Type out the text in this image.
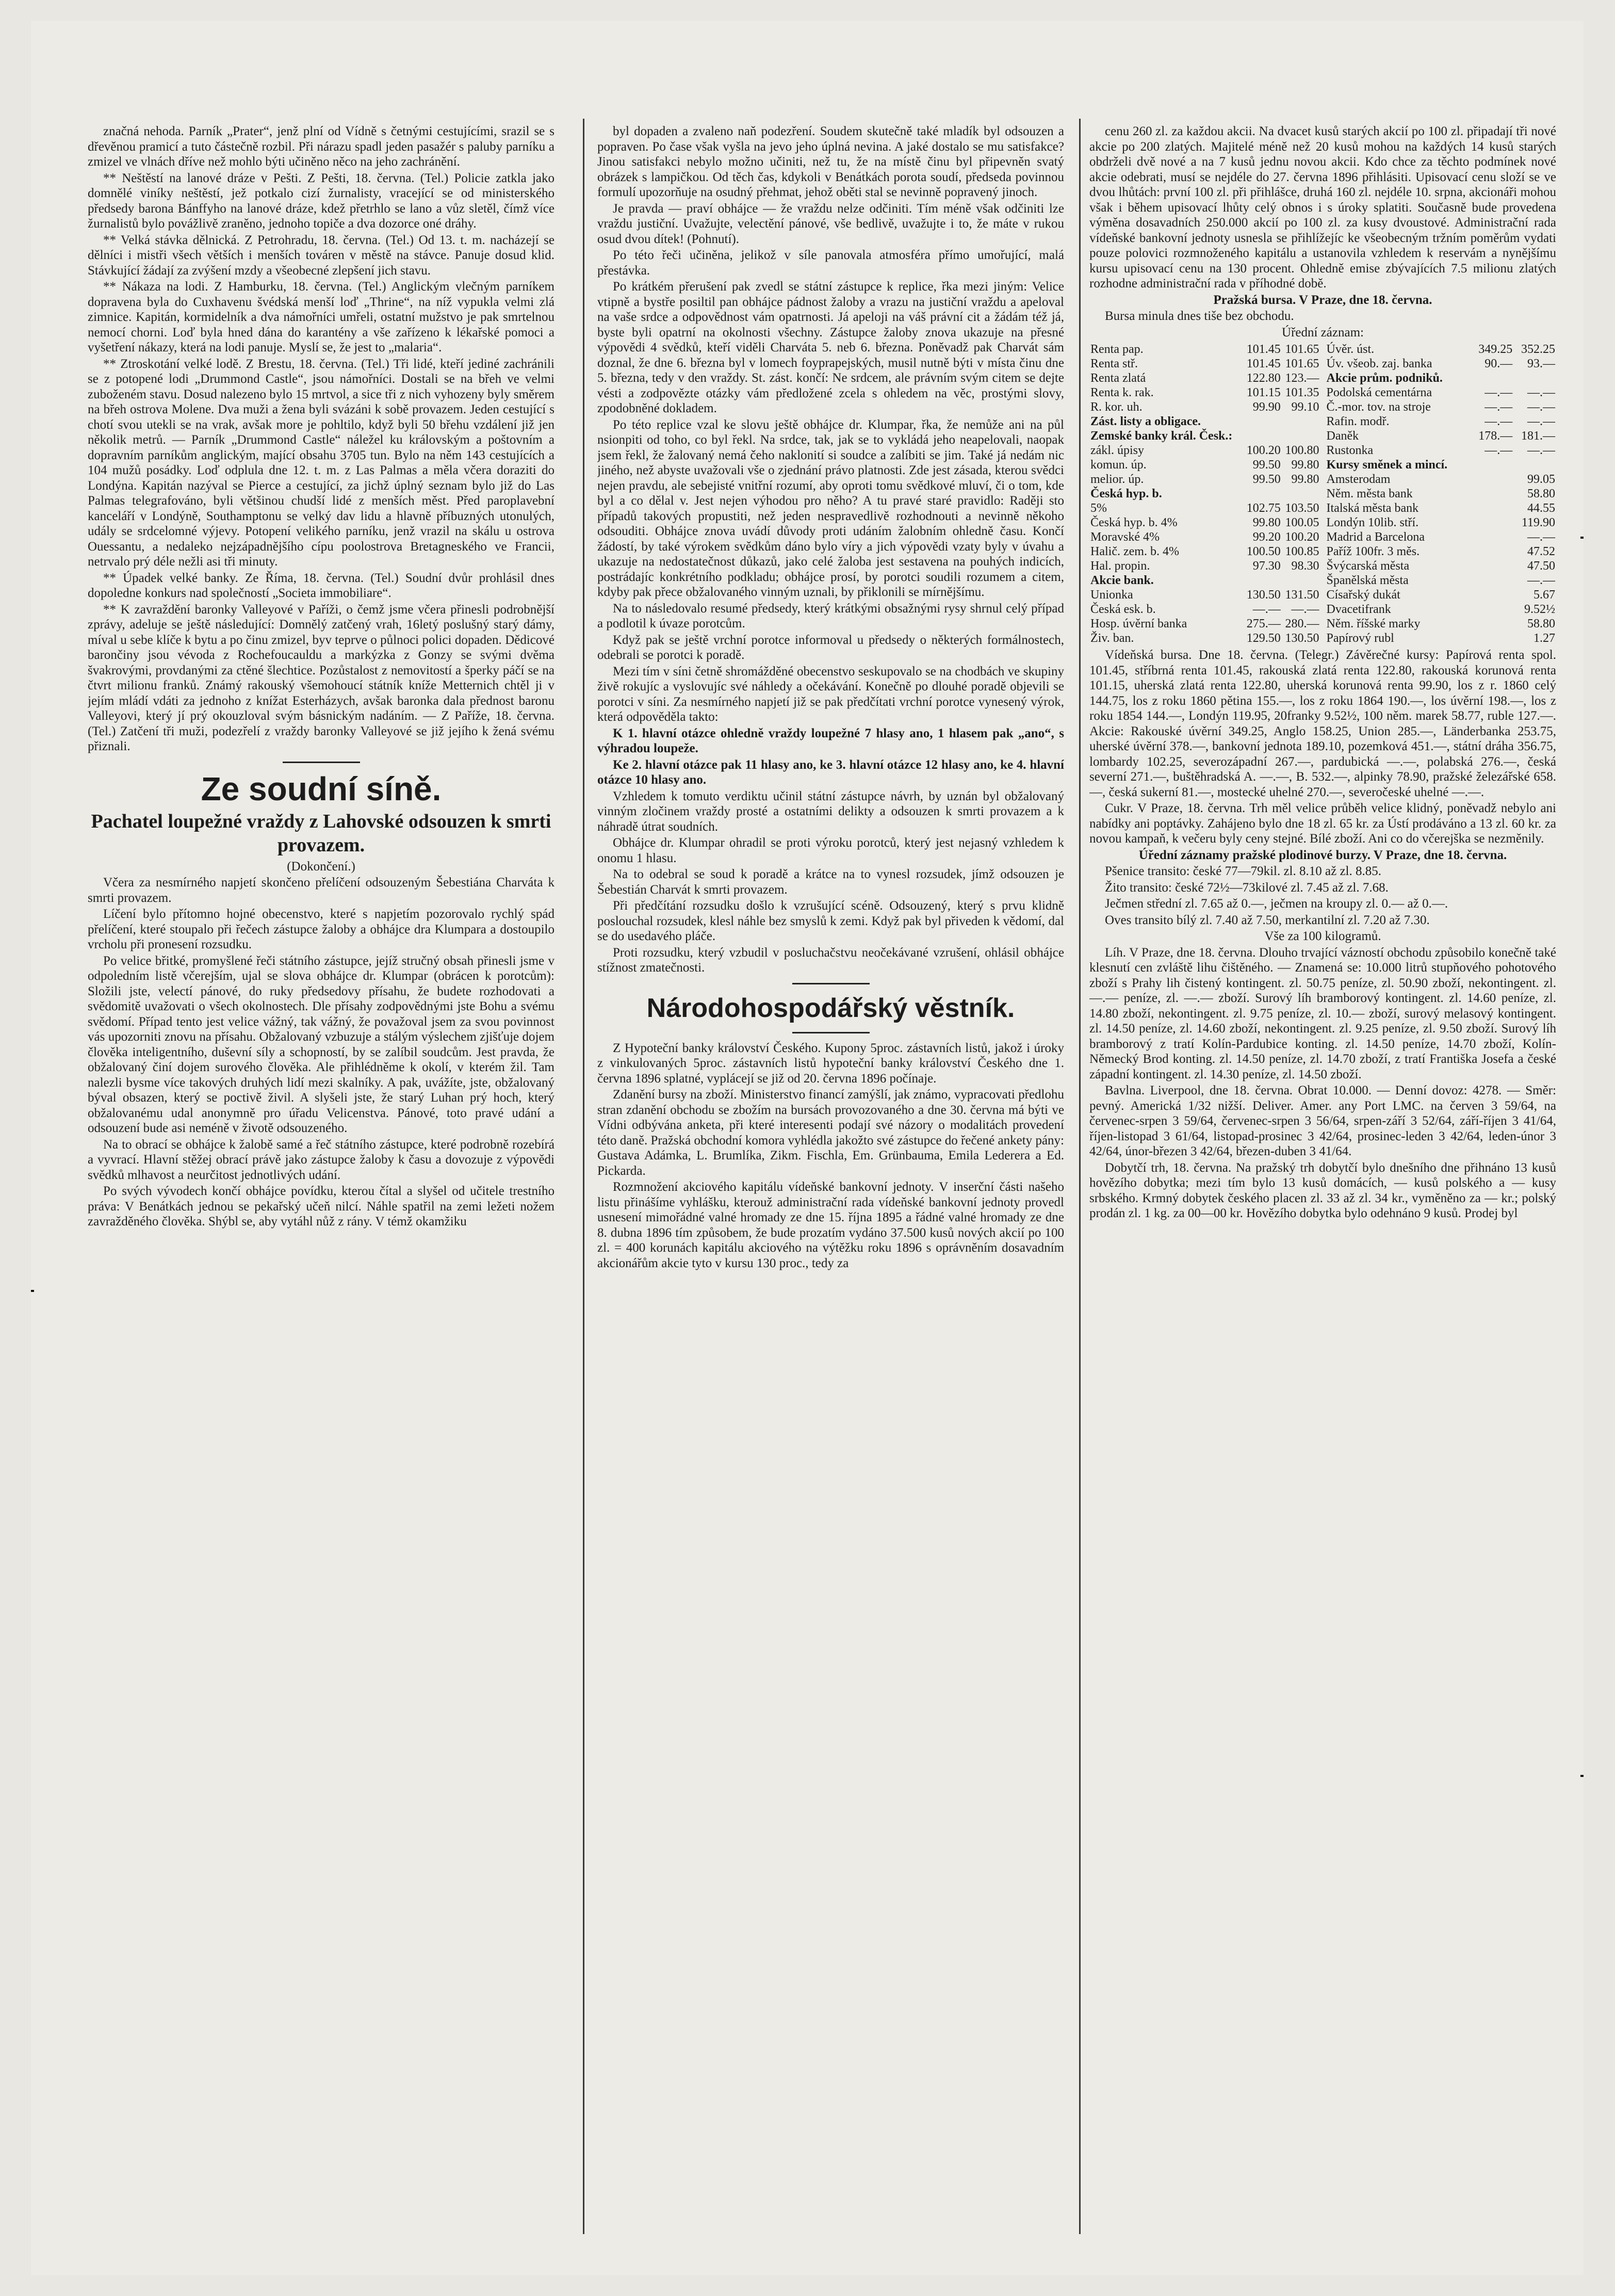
značná nehoda. Parník „Prater“, jenž plní od Vídně s četnými cestujícími, srazil se s dřevěnou pramicí a tuto částečně rozbil. Při nárazu spadl jeden pasažér s paluby parníku a zmizel ve vlnách dříve než mohlo býti učiněno něco na jeho zachránění.

** Neštěstí na lanové dráze v Pešti. Z Pešti, 18. června. (Tel.) Policie zatkla jako domnělé viníky neštěstí, jež potkalo cizí žurnalisty, vracející se od ministerského předsedy barona Bánffyho na lanové dráze, kdež přetrhlo se lano a vůz sletěl, čímž více žurnalistů bylo povážlivě zraněno, jednoho topiče a dva dozorce oné dráhy.

** Velká stávka dělnická. Z Petrohradu, 18. června. (Tel.) Od 13. t. m. nacházejí se dělníci i mistři všech větších i menších továren v městě na stávce. Panuje dosud klid. Stávkující žádají za zvýšení mzdy a všeobecné zlepšení jich stavu.

** Nákaza na lodi. Z Hamburku, 18. června. (Tel.) Anglickým vlečným parníkem dopravena byla do Cuxhavenu švédská menší loď „Thrine“, na níž vypukla velmi zlá zimnice. Kapitán, kormidelník a dva námořníci umřeli, ostatní mužstvo je pak smrtelnou nemocí chorni. Loď byla hned dána do karantény a vše zařízeno k lékařské pomoci a vyšetření nákazy, která na lodi panuje. Myslí se, že jest to „malaria“.

** Ztroskotání velké lodě. Z Brestu, 18. června. (Tel.) Tři lidé, kteří jediné zachránili se z potopené lodi „Drummond Castle“, jsou námořníci. Dostali se na břeh ve velmi zuboženém stavu. Dosud nalezeno bylo 15 mrtvol, a sice tři z nich vyhozeny byly směrem na břeh ostrova Molene. Dva muži a žena byli svázáni k sobě provazem. Jeden cestující s chotí svou utekli se na vrak, avšak more je pohltilo, když byli 50 břehu vzdálení již jen několik metrů. — Parník „Drummond Castle“ náležel ku královským a poštovním a dopravním parníkům anglickým, mající obsahu 3705 tun. Bylo na něm 143 cestujících a 104 mužů posádky. Loď odplula dne 12. t. m. z Las Palmas a měla včera doraziti do Londýna. Kapitán nazýval se Pierce a cestující, za jichž úplný seznam bylo již do Las Palmas telegrafováno, byli většinou chudší lidé z menších měst. Před paroplavební kanceláří v Londýně, Southamptonu se velký dav lidu a hlavně příbuzných utonulých, udály se srdcelomné výjevy. Potopení velikého parníku, jenž vrazil na skálu u ostrova Ouessantu, a nedaleko nejzápadnějšího cípu poolostrova Bretagneského ve Francii, netrvalo prý déle nežli asi tři minuty.

** Úpadek velké banky. Ze Říma, 18. června. (Tel.) Soudní dvůr prohlásil dnes dopoledne konkurs nad společností „Societa immobiliare“.

** K zavraždění baronky Valleyové v Paříži, o čemž jsme včera přinesli podrobnější zprávy, adeluje se ještě následující: Domnělý zatčený vrah, 16letý poslušný starý dámy, míval u sebe klíče k bytu a po činu zmizel, byv teprve o půlnoci polici dopaden. Dědicové barončiny jsou vévoda z Rochefoucauldu a markýzka z Gonzy se svými dvěma švakrovými, provdanými za ctěné šlechtice. Pozůstalost z nemovitostí a šperky páčí se na čtvrt milionu franků. Známý rakouský všemohoucí státník kníže Metternich chtěl ji v jejím mládí vdáti za jednoho z knížat Esterházych, avšak baronka dala přednost baronu Valleyovi, který jí prý okouzloval svým básnickým nadáním. — Z Paříže, 18. června. (Tel.) Zatčení tři muži, podezřelí z vraždy baronky Valleyové se již jejího k žená svému přiznali.

Ze soudní síně.
Pachatel loupežné vraždy z Lahovské odsouzen k smrti provazem.

(Dokončení.)

Včera za nesmírného napjetí skončeno přelíčení odsouzeným Šebestiána Charváta k smrti provazem.

Líčení bylo přítomno hojné obecenstvo, které s napjetím pozorovalo rychlý spád přelíčení, které stoupalo při řečech zástupce žaloby a obhájce dra Klumpara a dostoupilo vrcholu při pronesení rozsudku.

Po velice břitké, promyšlené řeči státního zástupce, jejíž stručný obsah přinesli jsme v odpoledním listě včerejším, ujal se slova obhájce dr. Klumpar (obrácen k porotcům): Složili jste, velectí pánové, do ruky předsedovy přísahu, že budete rozhodovati a svědomitě uvažovati o všech okolnostech. Dle přísahy zodpovědnými jste Bohu a svému svědomí. Případ tento jest velice vážný, tak vážný, že považoval jsem za svou povinnost vás upozorniti znovu na přísahu. Obžalovaný vzbuzuje a stálým výslechem zjišťuje dojem člověka inteligentního, duševní síly a schopností, by se zalíbil soudcům. Jest pravda, že obžalovaný činí dojem surového člověka. Ale přihlédněme k okolí, v kterém žil. Tam nalezli bysme více takových druhých lidí mezi skalníky. A pak, uvážíte, jste, obžalovaný býval obsazen, který se poctivě živil. A slyšeli jste, že starý Luhan prý hoch, který obžalovanému udal anonymně pro úřadu Velicenstva. Pánové, toto pravé udání a odsouzení bude asi neméně v životě odsouzeného.

Na to obrací se obhájce k žalobě samé a řeč státního zástupce, které podrobně rozebírá a vyvrací. Hlavní stěžej obrací právě jako zástupce žaloby k času a dovozuje z výpovědi svědků mlhavost a neurčitost jednotlivých udání.

Po svých vývodech končí obhájce povídku, kterou čítal a slyšel od učitele trestního práva: V Benátkách jednou se pekařský učeň nilcí. Náhle spatřil na zemi ležeti nožem zavražděného člověka. Shýbl se, aby vytáhl nůž z rány. V témž okamžiku

byl dopaden a zvaleno naň podezření. Soudem skutečně také mladík byl odsouzen a popraven. Po čase však vyšla na jevo jeho úplná nevina. A jaké dostalo se mu satisfakce? Jinou satisfakci nebylo možno učiniti, než tu, že na místě činu byl připevněn svatý obrázek s lampičkou. Od těch čas, kdykoli v Benátkách porota soudí, předseda povinnou formulí upozorňuje na osudný přehmat, jehož oběti stal se nevinně popravený jinoch.

Je pravda — praví obhájce — že vraždu nelze odčiniti. Tím méně však odčiniti lze vraždu justiční. Uvažujte, velectění pánové, vše bedlivě, uvažujte i to, že máte v rukou osud dvou dítek! (Pohnutí).

Po této řeči učiněna, jelikož v síle panovala atmosféra přímo umořující, malá přestávka.

Po krátkém přerušení pak zvedl se státní zástupce k replice, řka mezi jiným: Velice vtipně a bystře posiltil pan obhájce pádnost žaloby a vrazu na justiční vraždu a apeloval na vaše srdce a odpovědnost vám opatrnosti. Já apeloji na váš právní cit a žádám též já, byste byli opatrní na okolnosti všechny. Zástupce žaloby znova ukazuje na přesné výpovědi 4 svědků, kteří viděli Charváta 5. neb 6. března. Poněvadž pak Charvát sám doznal, že dne 6. března byl v lomech foyprapejských, musil nutně býti v místa činu dne 5. března, tedy v den vraždy. St. zást. končí: Ne srdcem, ale právním svým citem se dejte vésti a zodpovězte otázky vám předložené zcela s ohledem na věc, prostými slovy, zpodobněné dokladem.

Po této replice vzal ke slovu ještě obhájce dr. Klumpar, řka, že nemůže ani na půl nsionpiti od toho, co byl řekl. Na srdce, tak, jak se to vykládá jeho neapelovali, naopak jsem řekl, že žalovaný nemá čeho naklonití si soudce a zalíbiti se jim. Také já nedám nic jiného, než abyste uvažovali vše o zjednání právo platnosti. Zde jest zásada, kterou svědci nejen pravdu, ale sebejisté vnitřní rozumí, aby oproti tomu svědkové mluví, či o tom, kde byl a co dělal v. Jest nejen výhodou pro něho? A tu pravé staré pravidlo: Raději sto případů takových propustiti, než jeden nespravedlivě rozhodnouti a nevinně někoho odsouditi. Obhájce znova uvádí důvody proti udáním žalobním ohledně času. Končí žádostí, by také výrokem svědkům dáno bylo víry a jich výpovědi vzaty byly v úvahu a ukazuje na nedostatečnost důkazů, jako celé žaloba jest sestavena na pouhých indicích, postrádajíc konkrétního podkladu; obhájce prosí, by porotci soudili rozumem a citem, kdyby pak přece obžalovaného vinným uznali, by přiklonili se mírnějšímu.

Na to následovalo resumé předsedy, který krátkými obsažnými rysy shrnul celý případ a podlotil k úvaze porotcům.

Když pak se ještě vrchní porotce informoval u předsedy o některých formálnostech, odebrali se porotci k poradě.

Mezi tím v síni četně shromážděné obecenstvo seskupovalo se na chodbách ve skupiny živě rokujíc a vyslovujíc své náhledy a očekávání. Konečně po dlouhé poradě objevili se porotci v síni. Za nesmírného napjetí již se pak předčítati vrchní porotce vynesený výrok, která odpověděla takto:

K 1. hlavní otázce ohledně vraždy loupežné 7 hlasy ano, 1 hlasem pak „ano“, s výhradou loupeže.

Ke 2. hlavní otázce pak 11 hlasy ano, ke 3. hlavní otázce 12 hlasy ano, ke 4. hlavní otázce 10 hlasy ano.

Vzhledem k tomuto verdiktu učinil státní zástupce návrh, by uznán byl obžalovaný vinným zločinem vraždy prosté a ostatními delikty a odsouzen k smrti provazem a k náhradě útrat soudních.

Obhájce dr. Klumpar ohradil se proti výroku porotců, který jest nejasný vzhledem k onomu 1 hlasu.

Na to odebral se soud k poradě a krátce na to vynesl rozsudek, jímž odsouzen je Šebestián Charvát k smrti provazem.

Při předčítání rozsudku došlo k vzrušující scéně. Odsouzený, který s prvu klidně poslouchal rozsudek, klesl náhle bez smyslů k zemi. Když pak byl přiveden k vědomí, dal se do usedavého pláče.

Proti rozsudku, který vzbudil v posluchačstvu neočekávané vzrušení, ohlásil obhájce stížnost zmatečnosti.

Národohospodářský věstník.

Z Hypoteční banky království Českého. Kupony 5proc. zástavních listů, jakož i úroky z vinkulovaných 5proc. zástavních listů hypoteční banky království Českého dne 1. června 1896 splatné, vyplácejí se již od 20. června 1896 počínaje.

Zdanění bursy na zboží. Ministerstvo financí zamýšlí, jak známo, vypracovati předlohu stran zdanění obchodu se zbožím na bursách provozovaného a dne 30. června má býti ve Vídni odbývána anketa, při které interesenti podají své názory o modalitách provedení této daně. Pražská obchodní komora vyhlédla jakožto své zástupce do řečené ankety pány: Gustava Adámka, L. Brumlíka, Zikm. Fischla, Em. Grünbauma, Emila Lederera a Ed. Pickarda.

Rozmnožení akciového kapitálu vídeňské bankovní jednoty. V inserční části našeho listu přinášíme vyhlášku, kterouž administrační rada vídeňské bankovní jednoty provedl usnesení mimořádné valné hromady ze dne 15. října 1895 a řádné valné hromady ze dne 8. dubna 1896 tím způsobem, že bude prozatím vydáno 37.500 kusů nových akcií po 100 zl. = 400 korunách kapitálu akciového na výtěžku roku 1896 s oprávněním dosavadním akcionářům akcie tyto v kursu 130 proc., tedy za

cenu 260 zl. za každou akcii. Na dvacet kusů starých akcií po 100 zl. připadají tři nové akcie po 200 zlatých. Majitelé méně než 20 kusů mohou na každých 14 kusů starých obdrželi dvě nové a na 7 kusů jednu novou akcii. Kdo chce za těchto podmínek nové akcie odebrati, musí se nejdéle do 27. června 1896 přihlásiti. Upisovací cenu složí se ve dvou lhůtách: první 100 zl. při přihlášce, druhá 160 zl. nejdéle 10. srpna, akcionáři mohou však i během upisovací lhůty celý obnos i s úroky splatiti. Současně bude provedena výměna dosavadních 250.000 akcií po 100 zl. za kusy dvoustové. Administrační rada vídeňské bankovní jednoty usnesla se přihlížejíc ke všeobecným tržním poměrům vydati pouze polovici rozmnoženého kapitálu a ustanovila vzhledem k reservám a nynějšímu kursu upisovací cenu na 130 procent. Ohledně emise zbývajících 7.5 milionu zlatých rozhodne administrační rada v příhodné době.

Pražská bursa. V Praze, dne 18. června.

Bursa minula dnes tiše bez obchodu.

Úřední záznam:

Renta pap.	101.45	101.65
Renta stř.	101.45	101.65
Renta zlatá	122.80	123.—
Renta k. rak.	101.15	101.35
R. kor. uh.	99.90	99.10
Zást. listy a obligace.		
Zemské banky král. Česk.:		
zákl. úpisy	100.20	100.80
komun. úp.	99.50	99.80
melior. úp.	99.50	99.80
Česká hyp. b.		
5%	102.75	103.50
Česká hyp. b. 4%	99.80	100.05
Moravské 4%	99.20	100.20
Halič. zem. b. 4%	100.50	100.85
Hal. propin.	97.30	98.30
Akcie bank.		
Unionka	130.50	131.50
Česká esk. b.	—.—	—.—
Hosp. úvěrní banka	275.—	280.—
Živ. ban.	129.50	130.50
Úvěr. úst.	349.25	352.25
Úv. všeob. zaj. banka	90.—	93.—
Akcie prům. podniků.		
Podolská cementárna	—.—	—.—
Č.-mor. tov. na stroje	—.—	—.—
Rafin. modř.	—.—	—.—
Daněk	178.—	181.—
Rustonka	—.—	—.—
Kursy směnek a mincí.		
Amsterodam		99.05
Něm. města bank		58.80
Italská města bank		44.55
Londýn 10lib. stří.		119.90
Madrid a Barcelona		—.—
Paříž 100fr. 3 měs.		47.52
Švýcarská města		47.50
Španělská města		—.—
Císařský dukát		5.67
Dvacetifrank		9.52½
Něm. říšské marky		58.80
Papírový rubl		1.27

Vídeňská bursa. Dne 18. června. (Telegr.) Závěrečné kursy: Papírová renta spol. 101.45, stříbrná renta 101.45, rakouská zlatá renta 122.80, rakouská korunová renta 101.15, uherská zlatá renta 122.80, uherská korunová renta 99.90, los z r. 1860 celý 144.75, los z roku 1860 pětina 155.—, los z roku 1864 190.—, los úvěrní 198.—, los z roku 1854 144.—, Londýn 119.95, 20franky 9.52½, 100 něm. marek 58.77, ruble 127.—. Akcie: Rakouské úvěrní 349.25, Anglo 158.25, Union 285.—, Länderbanka 253.75, uherské úvěrní 378.—, bankovní jednota 189.10, pozemková 451.—, státní dráha 356.75, lombardy 102.25, severozápadní 267.—, pardubická —.—, polabská 276.—, česká severní 271.—, buštěhradská A. —.—, B. 532.—, alpinky 78.90, pražské železářské 658.—, česká sukerní 81.—, mostecké uhelné 270.—, severočeské uhelné —.—.

Cukr. V Praze, 18. června. Trh měl velice průběh velice klidný, poněvadž nebylo ani nabídky ani poptávky. Zahájeno bylo dne 18 zl. 65 kr. za Ústí prodáváno a 13 zl. 60 kr. za novou kampaň, k večeru byly ceny stejné. Bílé zboží. Ani co do včerejška se nezměnily.

Úřední záznamy pražské plodinové burzy. V Praze, dne 18. června.

Pšenice transito: české 77—79kil. zl. 8.10 až zl. 8.85.

Žito transito: české 72½—73kilové zl. 7.45 až zl. 7.68.

Ječmen střední zl. 7.65 až 0.—, ječmen na kroupy zl. 0.— až 0.—.

Oves transito bílý zl. 7.40 až 7.50, merkantilní zl. 7.20 až 7.30.

Vše za 100 kilogramů.

Líh. V Praze, dne 18. června. Dlouho trvající vázností obchodu způsobilo konečně také klesnutí cen zvláště lihu čištěného. — Znamená se: 10.000 litrů stupňového pohotového zboží s Prahy lih čistený kontingent. zl. 50.75 peníze, zl. 50.90 zboží, nekontingent. zl. —.— peníze, zl. —.— zboží. Surový líh bramborový kontingent. zl. 14.60 peníze, zl. 14.80 zboží, nekontingent. zl. 9.75 peníze, zl. 10.— zboží, surový melasový kontingent. zl. 14.50 peníze, zl. 14.60 zboží, nekontingent. zl. 9.25 peníze, zl. 9.50 zboží. Surový líh bramborový z tratí Kolín-Pardubice konting. zl. 14.50 peníze, 14.70 zboží, Kolín-Německý Brod konting. zl. 14.50 peníze, zl. 14.70 zboží, z tratí Františka Josefa a české západní kontingent. zl. 14.30 peníze, zl. 14.50 zboží.

Bavlna. Liverpool, dne 18. června. Obrat 10.000. — Denní dovoz: 4278. — Směr: pevný. Americká 1/32 nižší. Deliver. Amer. any Port LMC. na červen 3 59/64, na červenec-srpen 3 59/64, červenec-srpen 3 56/64, srpen-září 3 52/64, září-říjen 3 41/64, říjen-listopad 3 61/64, listopad-prosinec 3 42/64, prosinec-leden 3 42/64, leden-únor 3 42/64, únor-březen 3 42/64, březen-duben 3 41/64.

Dobytčí trh, 18. června. Na pražský trh dobytčí bylo dnešního dne přihnáno 13 kusů hovězího dobytka; mezi tím bylo 13 kusů domácích, — kusů polského a — kusy srbského. Krmný dobytek českého placen zl. 33 až zl. 34 kr., vyměněno za — kr.; polský prodán zl. 1 kg. za 00—00 kr. Hovězího dobytka bylo odehnáno 9 kusů. Prodej byl
